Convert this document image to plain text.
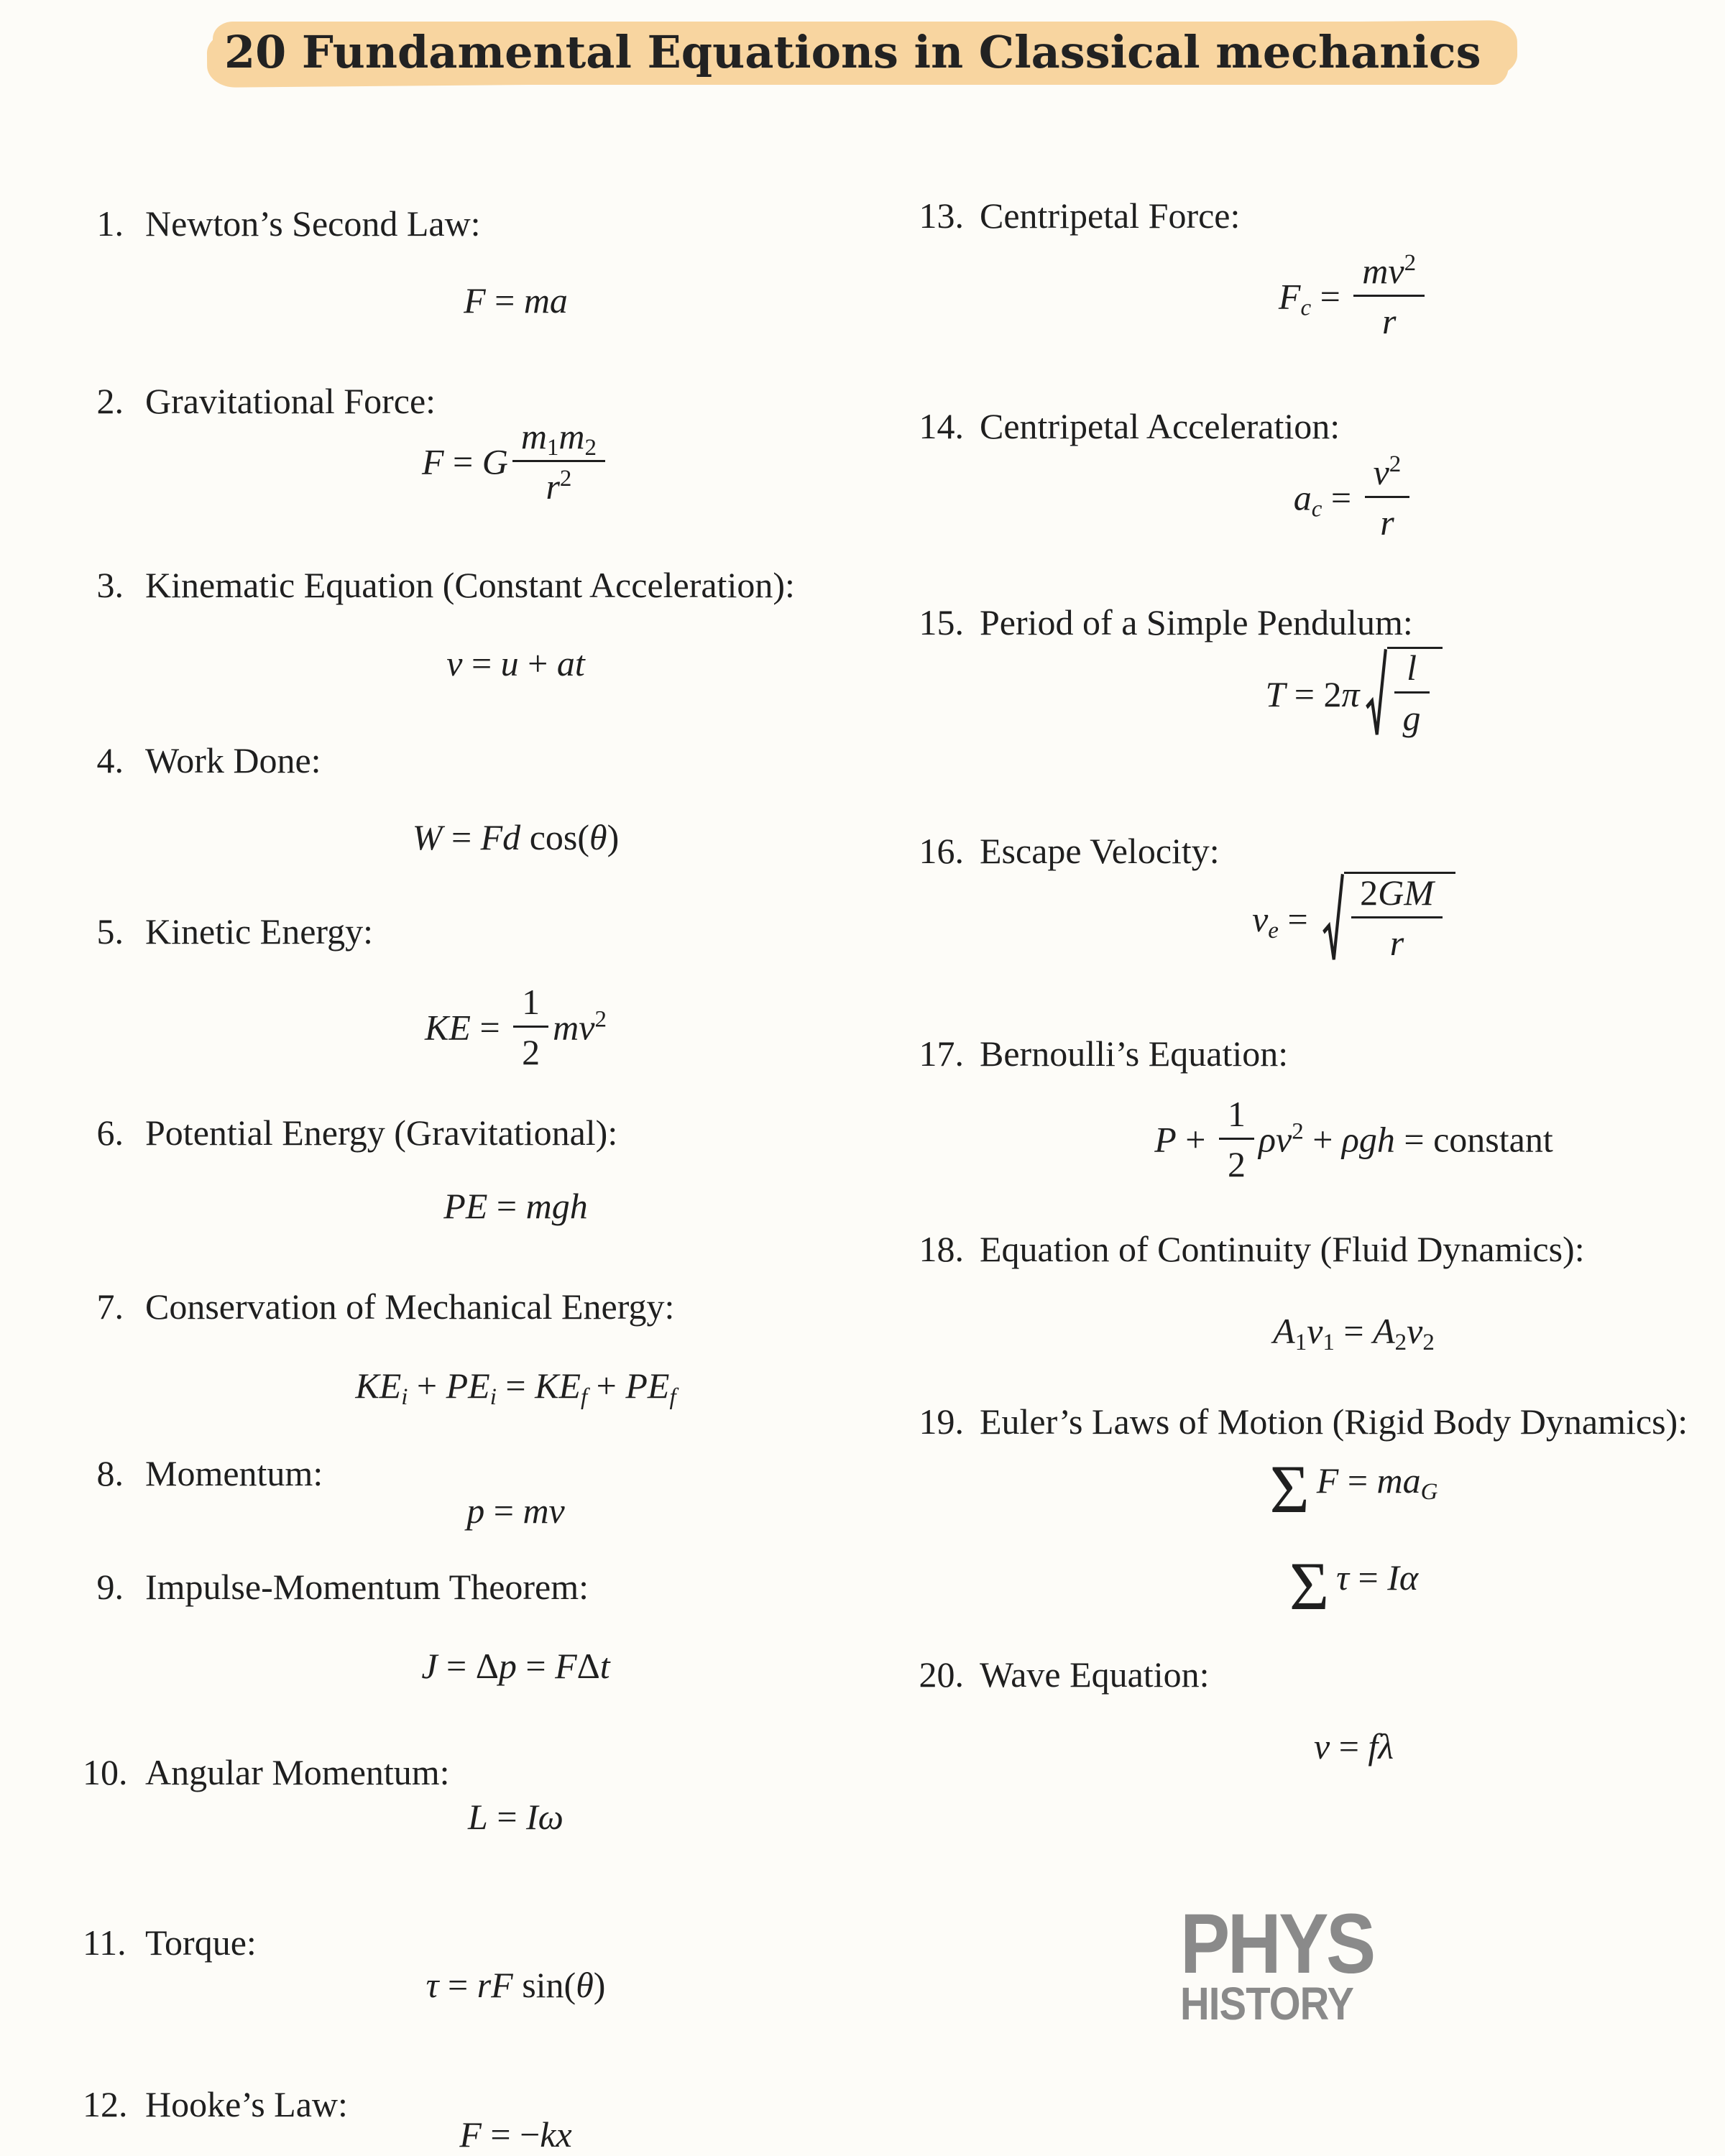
20 Fundamental Equations in Classical mechanics
1. Newton’s Second Law:
F = ma
2. Gravitational Force:
F = G $\frac{m_1m_2}{r^2}$
3. Kinematic Equation (Constant Acceleration):
v = u + at
4. Work Done:
W = Fd cos(θ)
5. Kinetic Energy:
KE = $\frac{1}{2} mv^2$
6. Potential Energy (Gravitational):
PE = mgh
7. Conservation of Mechanical Energy:
$KE_i + PE_i = KE_f + PE_f$
8. Momentum:
p = mv
9. Impulse-Momentum Theorem:
J = Δp = FΔt
10. Angular Momentum:
L = Iω
11. Torque:
τ = rF sin(θ)
12. Hooke’s Law:
F = −kx
13. Centripetal Force:
$F_c = \frac{mv^2}{r}$
14. Centripetal Acceleration:
$a_c = \frac{v^2}{r}$
15. Period of a Simple Pendulum:
$T = 2\pi \frac{l}{g}$
16. Escape Velocity:
$v_e = \frac{2GM}{r}$
17. Bernoulli’s Equation:
$P + \frac{1}{2} \rho v^2 + \rho gh$ = constant
18. Equation of Continuity (Fluid Dynamics):
$A_1v_1 = A_2v_2$
19. Euler’s Laws of Motion (Rigid Body Dynamics):
Σ $F = ma_G$
Στ = Iα
20. Wave Equation:
v = fλ
PHYS
HISTORY
